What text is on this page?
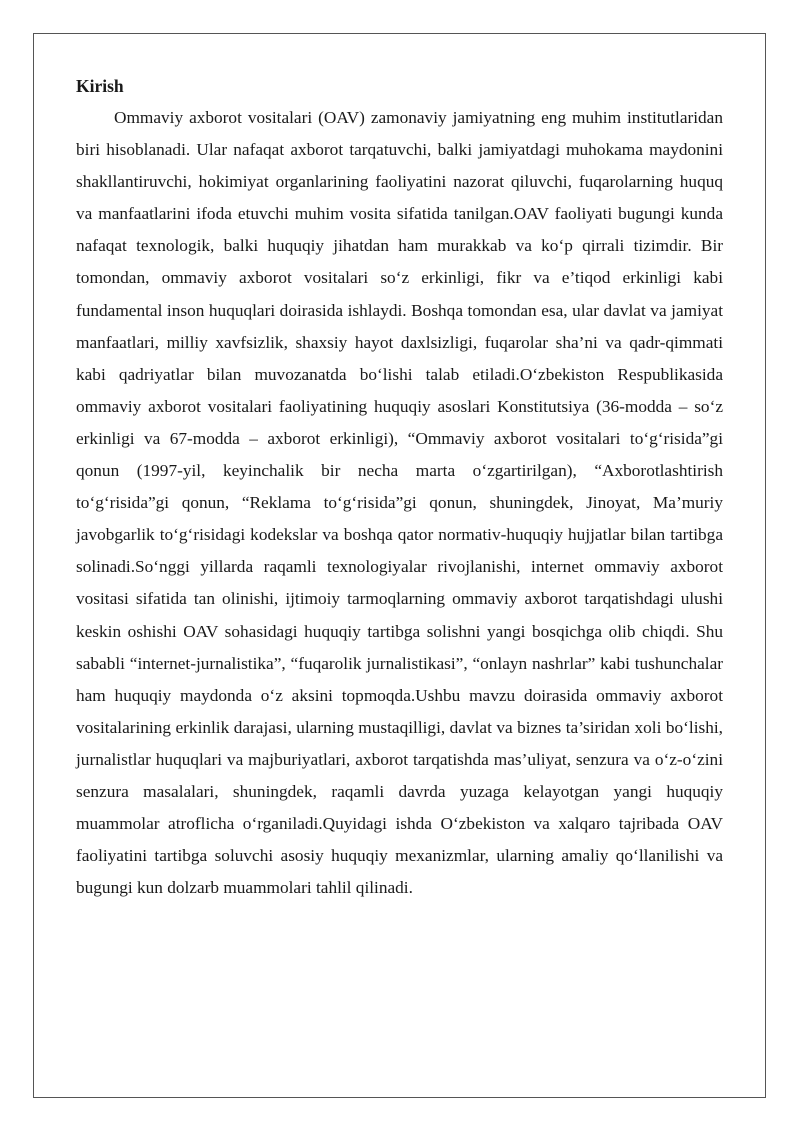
Kirish

Ommaviy axborot vositalari (OAV) zamonaviy jamiyatning eng muhim institutlaridan biri hisoblanadi. Ular nafaqat axborot tarqatuvchi, balki jamiyatdagi muhokama maydonini shakllantiruvchi, hokimiyat organlarining faoliyatini nazorat qiluvchi, fuqarolarning huquq va manfaatlarini ifoda etuvchi muhim vosita sifatida tanilgan.OAV faoliyati bugungi kunda nafaqat texnologik, balki huquqiy jihatdan ham murakkab va ko‘p qirrali tizimdir. Bir tomondan, ommaviy axborot vositalari so‘z erkinligi, fikr va e’tiqod erkinligi kabi fundamental inson huquqlari doirasida ishlaydi. Boshqa tomondan esa, ular davlat va jamiyat manfaatlari, milliy xavfsizlik, shaxsiy hayot daxlsizligi, fuqarolar sha’ni va qadr-qimmati kabi qadriyatlar bilan muvozanatda bo‘lishi talab etiladi.O‘zbekiston Respublikasida ommaviy axborot vositalari faoliyatining huquqiy asoslari Konstitutsiya (36-modda – so‘z erkinligi va 67-modda – axborot erkinligi), “Ommaviy axborot vositalari to‘g‘risida”gi qonun (1997-yil, keyinchalik bir necha marta o‘zgartirilgan), “Axborotlashtirish to‘g‘risida”gi qonun, “Reklama to‘g‘risida”gi qonun, shuningdek, Jinoyat, Ma’muriy javobgarlik to‘g‘risidagi kodekslar va boshqa qator normativ-huquqiy hujjatlar bilan tartibga solinadi.So‘nggi yillarda raqamli texnologiyalar rivojlanishi, internet ommaviy axborot vositasi sifatida tan olinishi, ijtimoiy tarmoqlarning ommaviy axborot tarqatishdagi ulushi keskin oshishi OAV sohasidagi huquqiy tartibga solishni yangi bosqichga olib chiqdi. Shu sababli “internet-jurnalistika”, “fuqarolik jurnalistikasi”, “onlayn nashrlar” kabi tushunchalar ham huquqiy maydonda o‘z aksini topmoqda.Ushbu mavzu doirasida ommaviy axborot vositalarining erkinlik darajasi, ularning mustaqilligi, davlat va biznes ta’siridan xoli bo‘lishi, jurnalistlar huquqlari va majburiyatlari, axborot tarqatishda mas’uliyat, senzura va o‘z-o‘zini senzura masalalari, shuningdek, raqamli davrda yuzaga kelayotgan yangi huquqiy muammolar atroflicha o‘rganiladi.Quyidagi ishda O‘zbekiston va xalqaro tajribada OAV faoliyatini tartibga soluvchi asosiy huquqiy mexanizmlar, ularning amaliy qo‘llanilishi va bugungi kun dolzarb muammolari tahlil qilinadi.
